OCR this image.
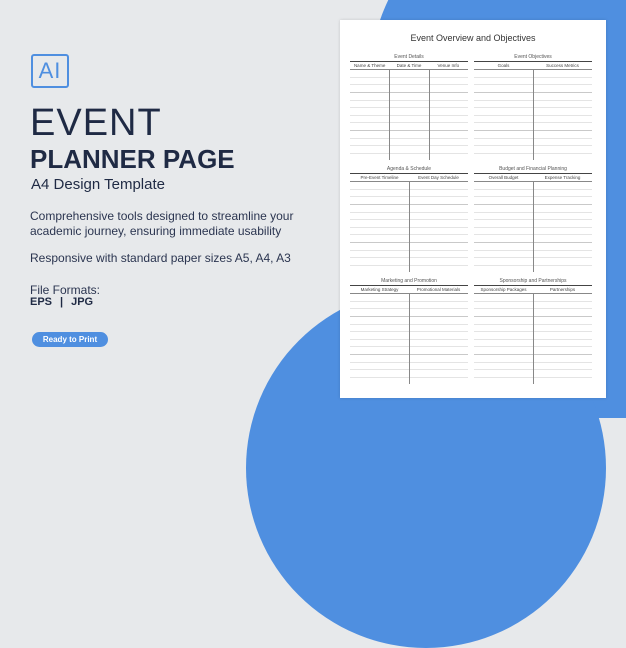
AI
EVENT
PLANNER PAGE
A4 Design Template
Comprehensive tools designed to streamline your academic journey, ensuring immediate usability
Responsive with standard paper sizes A5, A4, A3
File Formats:
EPS | JPG
Ready to Print
Event Overview and Objectives
Event Details
Name & Theme	Date & Time	Venue Info
Event Objectives
Goals	Success Metrics
Agenda & Schedule
Pre-Event Timeline	Event Day Schedule
Budget and Financial Planning
Overall Budget	Expense Tracking
Marketing and Promotion
Marketing Strategy	Promotional Materials
Sponsorship and Partnerships
Sponsorship Packages	Partnerships
